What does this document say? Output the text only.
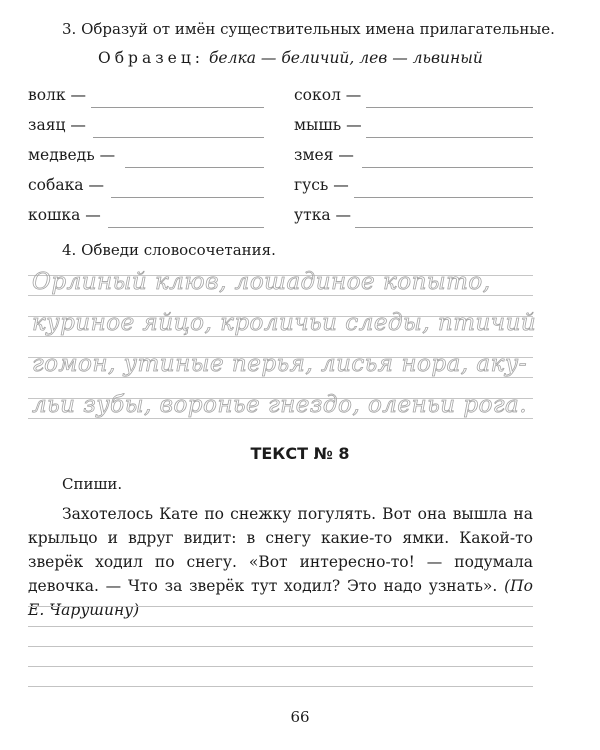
3. Образуй от имён существительных имена прилагательные.
Образец: белка — беличий, лев — львиный
волк —
заяц —
медведь —
собака —
кошка —
сокол —
мышь —
змея —
гусь —
утка —
4. Обведи словосочетания.
Орлиный клюв, лошадиное копыто,
куриное яйцо, кроличьи следы, птичий
гомон, утиные перья, лисья нора, аку-
льи зубы, воронье гнездо, оленьи рога.
ТЕКСТ № 8
Спиши.
Захотелось Кате по снежку погулять. Вот она вышла на крыльцо и вдруг видит: в снегу какие-то ямки. Какой-то зверёк ходил по снегу. «Вот интересно-то! — подумала девочка. — Что за зверёк тут ходил? Это надо узнать». (По Е. Чарушину)
66
